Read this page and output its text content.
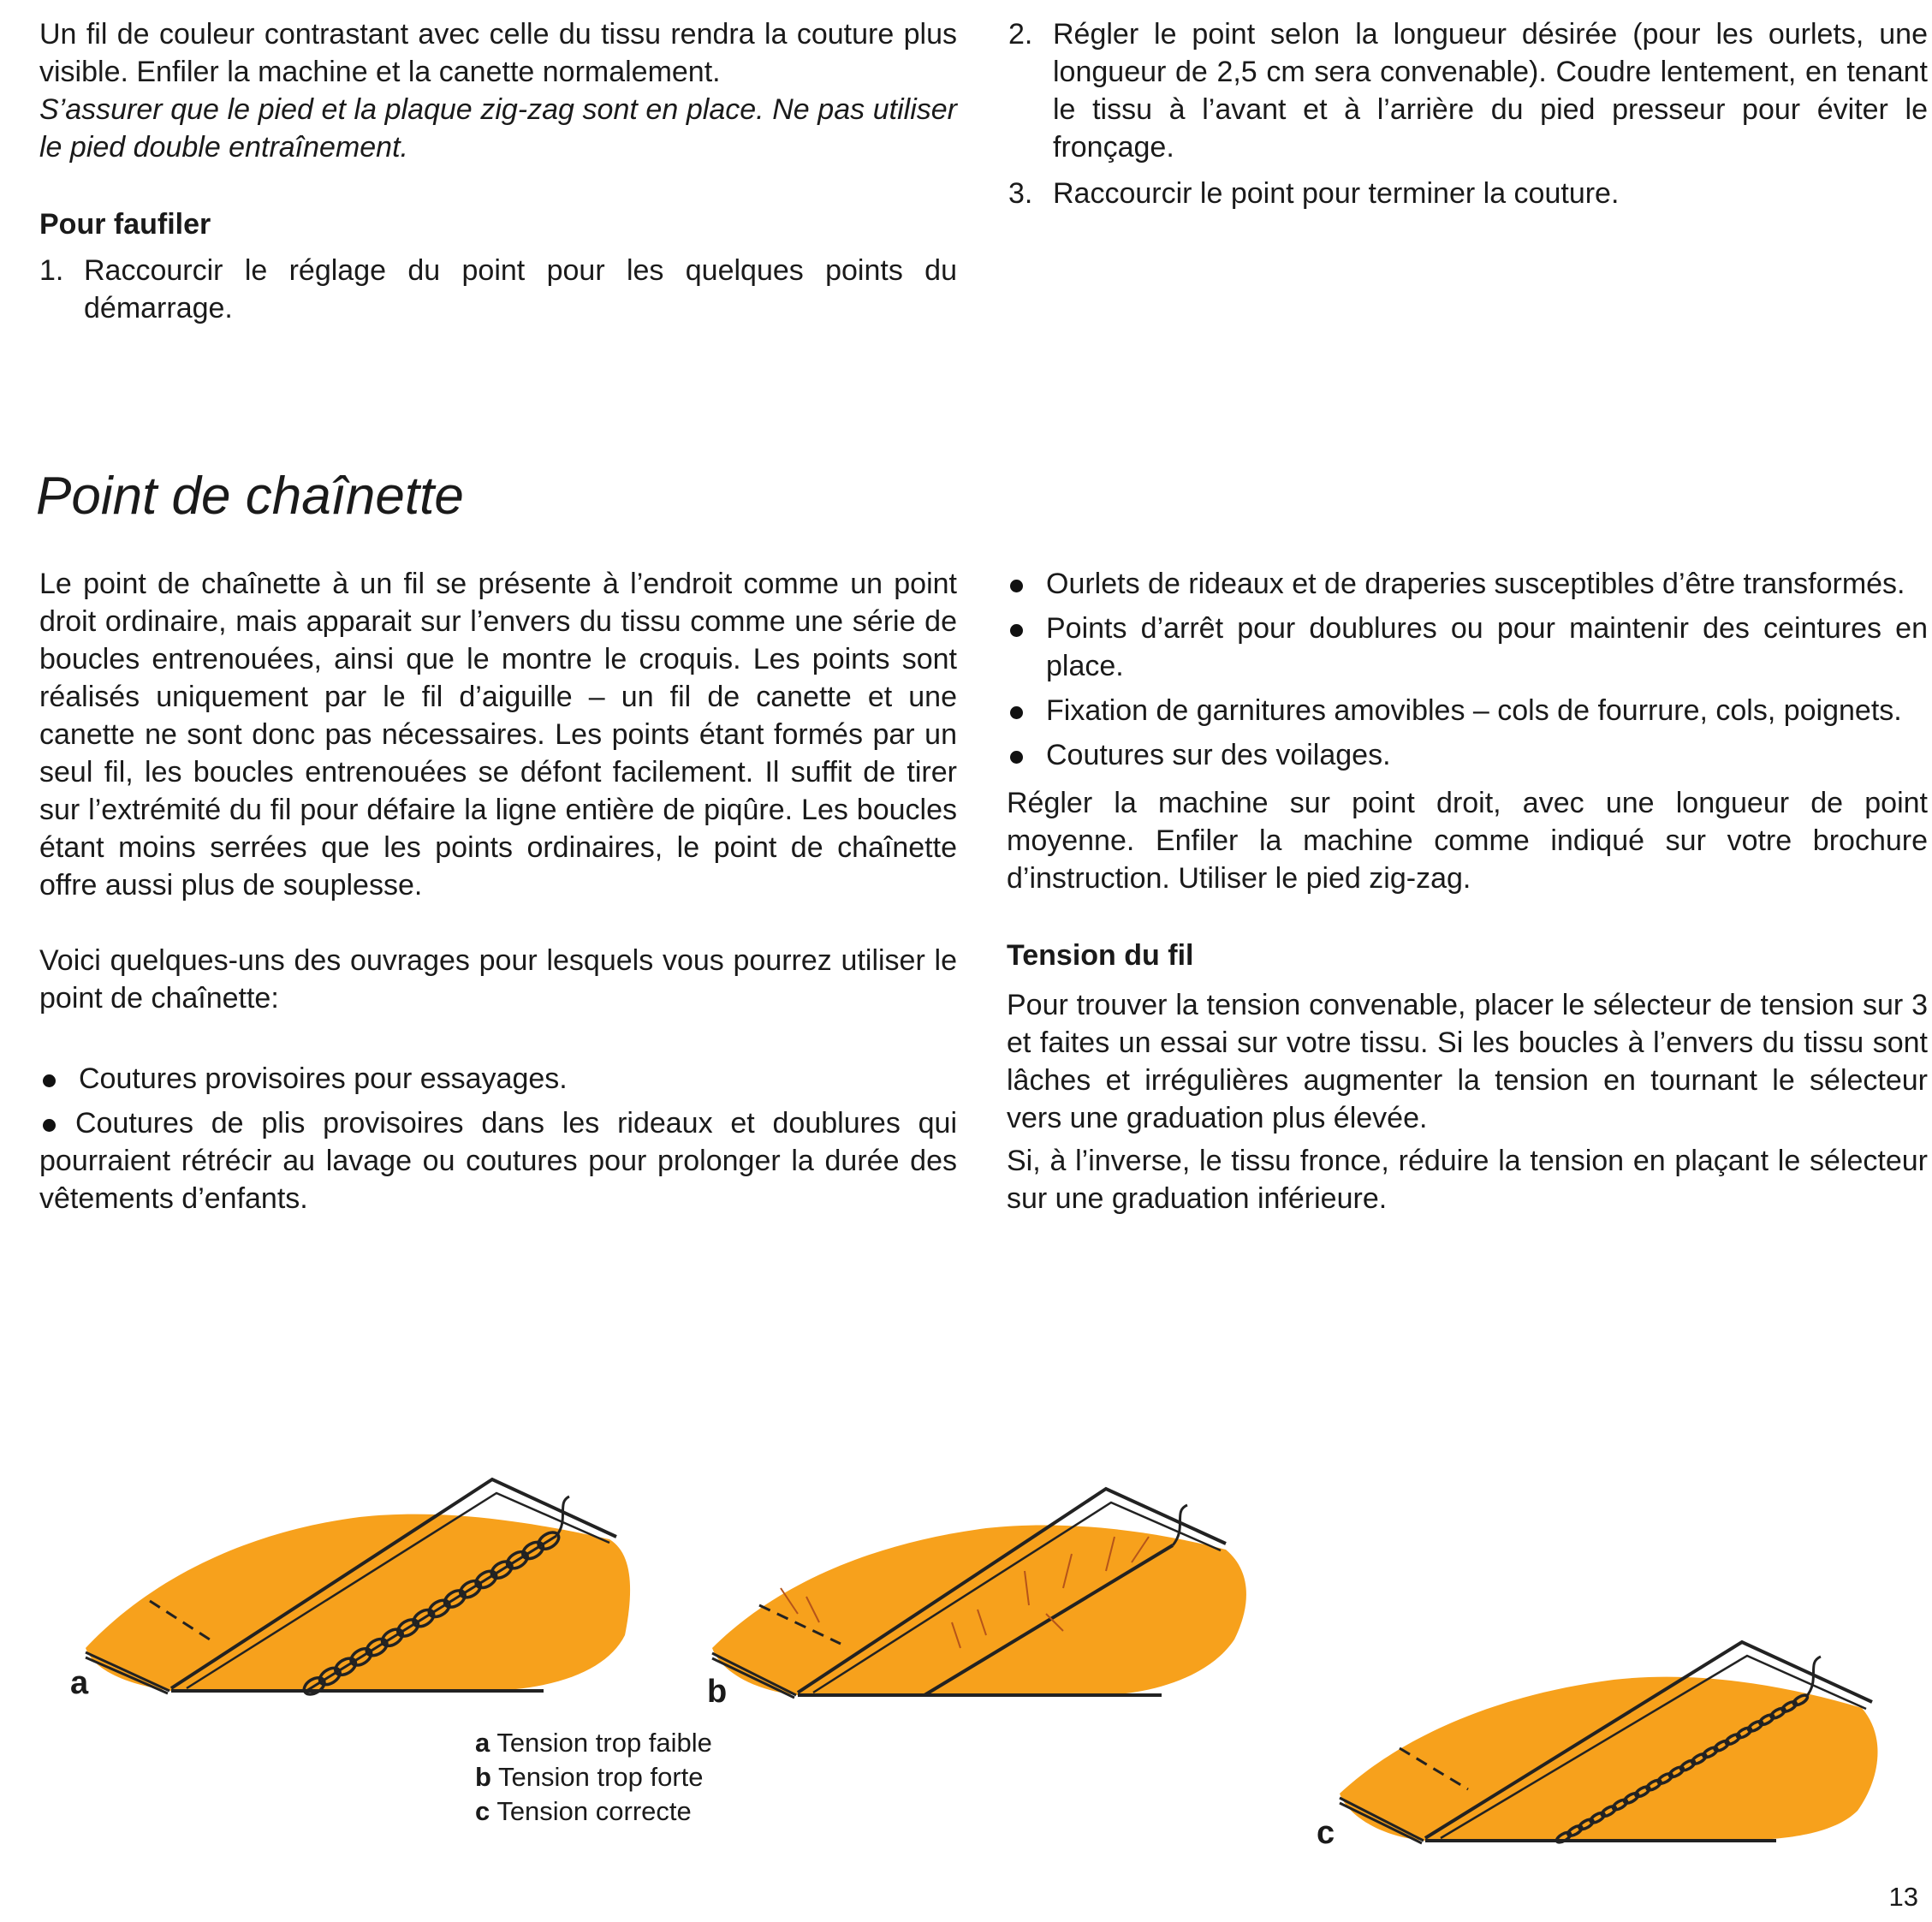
Un fil de couleur contrastant avec celle du tissu rendra la couture plus visible. Enfiler la machine et la canette normalement.

S’assurer que le pied et la plaque zig-zag sont en place. Ne pas utiliser le pied double entraînement.

Pour faufiler

1. Raccourcir le réglage du point pour les quelques points du démarrage.
2. Régler le point selon la longueur désirée (pour les ourlets, une longueur de 2,5 cm sera convenable). Coudre lentement, en tenant le tissu à l’avant et à l’arrière du pied presseur pour éviter le fronçage.
3. Raccourcir le point pour terminer la couture.
Point de chaînette

Le point de chaînette à un fil se présente à l’endroit comme un point droit ordinaire, mais apparait sur l’envers du tissu comme une série de boucles entrenouées, ainsi que le montre le croquis. Les points sont réalisés uniquement par le fil d’aiguille – un fil de canette et une canette ne sont donc pas nécessaires. Les points étant formés par un seul fil, les boucles entrenouées se défont facilement. Il suffit de tirer sur l’extrémité du fil pour défaire la ligne entière de piqûre. Les boucles étant moins serrées que les points ordinaires, le point de chaînette offre aussi plus de souplesse.

Voici quelques-uns des ouvrages pour lesquels vous pourrez utiliser le point de chaînette:

Coutures provisoires pour essayages.
Coutures de plis provisoires dans les rideaux et doublures qui pourraient rétrécir au lavage ou coutures pour prolonger la durée des vêtements d’enfants.
Ourlets de rideaux et de draperies susceptibles d’être transformés.
Points d’arrêt pour doublures ou pour maintenir des ceintures en place.
Fixation de garnitures amovibles – cols de fourrure, cols, poignets.
Coutures sur des voilages.

Régler la machine sur point droit, avec une longueur de point moyenne. Enfiler la machine comme indiqué sur votre brochure d’instruction. Utiliser le pied zig-zag.

Tension du fil

Pour trouver la tension convenable, placer le sélecteur de tension sur 3 et faites un essai sur votre tissu. Si les boucles à l’envers du tissu sont lâches et irrégulières augmenter la tension en tournant le sélecteur vers une graduation plus élevée.

Si, à l’inverse, le tissu fronce, réduire la tension en plaçant le sélecteur sur une graduation inférieure.

a	b
c
a Tension trop faible
b Tension trop forte
c Tension correcte
13
